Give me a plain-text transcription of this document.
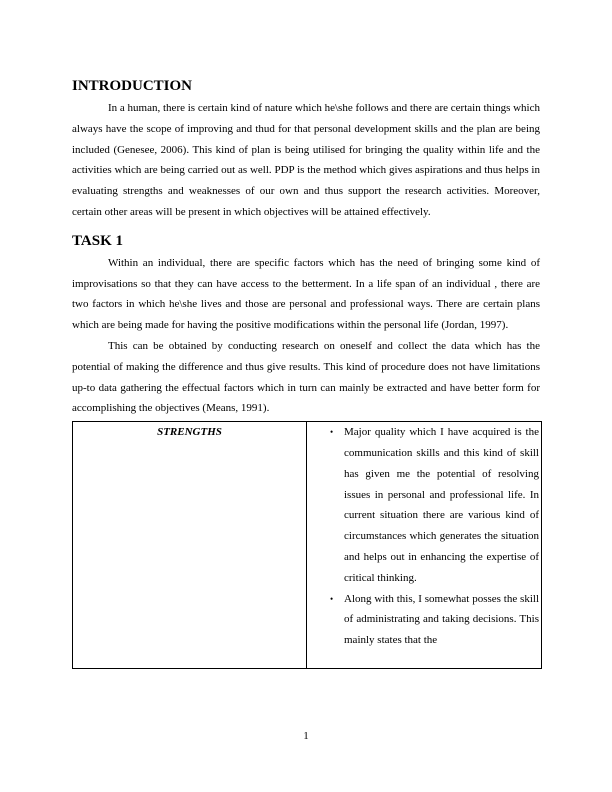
INTRODUCTION

In a human, there is certain kind of nature which he\she follows and there are certain things which always have the scope of improving and thud for that personal development skills and the plan are being included (Genesee, 2006). This kind of plan is being utilised for bringing the quality within life and the activities which are being carried out as well. PDP is the method which gives aspirations and thus helps in evaluating strengths and weaknesses of our own and thus support the research activities. Moreover, certain other areas will be present in which objectives will be attained effectively.

TASK 1

Within an individual, there are specific factors which has the need of bringing some kind of improvisations so that they can have access to the betterment. In a life span of an individual , there are two factors in which he\she lives and those are personal and professional ways. There are certain plans which are being made for having the positive modifications within the personal life (Jordan, 1997).

This can be obtained by conducting research on oneself and collect the data which has the potential of making the difference and thus give results. This kind of procedure does not have limitations up-to data gathering the effectual factors which in turn can mainly be extracted and have better form for accomplishing the objectives (Means, 1991).

STRENGTHS	• Major quality which I have acquired is the communication skills and this kind of skill has given me the potential of resolving issues in personal and professional life. In current situation there are various kind of circumstances which generates the situation and helps out in enhancing the expertise of critical thinking.
• Along with this, I somewhat posses the skill of administrating and taking decisions. This mainly states that the
1
